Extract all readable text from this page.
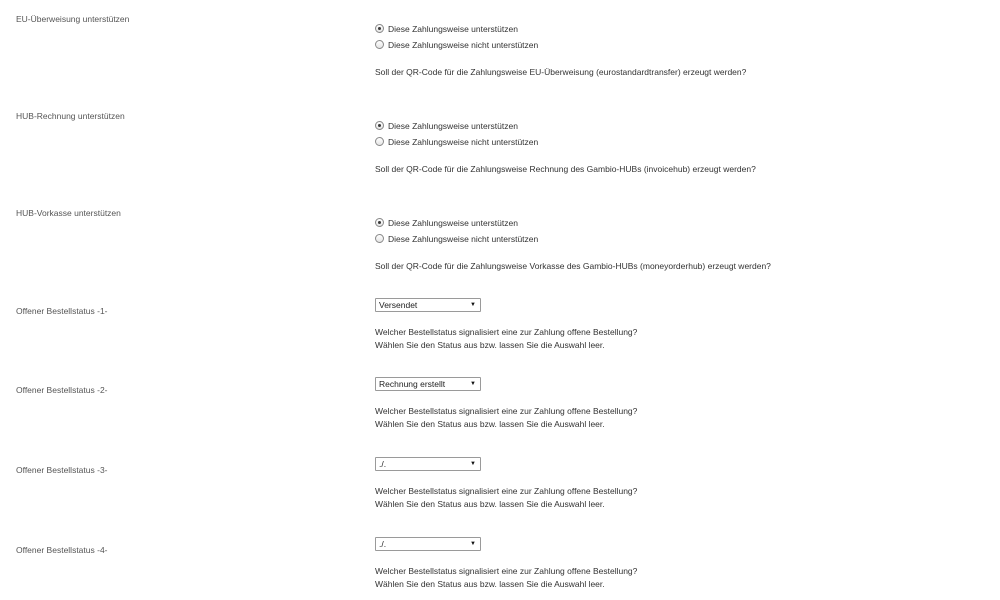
EU-Überweisung unterstützen
Diese Zahlungsweise unterstützen
Diese Zahlungsweise nicht unterstützen
Soll der QR-Code für die Zahlungsweise EU-Überweisung (eurostandardtransfer) erzeugt werden?
HUB-Rechnung unterstützen
Diese Zahlungsweise unterstützen
Diese Zahlungsweise nicht unterstützen
Soll der QR-Code für die Zahlungsweise Rechnung des Gambio-HUBs (invoicehub) erzeugt werden?
HUB-Vorkasse unterstützen
Diese Zahlungsweise unterstützen
Diese Zahlungsweise nicht unterstützen
Soll der QR-Code für die Zahlungsweise Vorkasse des Gambio-HUBs (moneyorderhub) erzeugt werden?
Offener Bestellstatus -1-
Versendet	▼
Welcher Bestellstatus signalisiert eine zur Zahlung offene Bestellung?
Wählen Sie den Status aus bzw. lassen Sie die Auswahl leer.
Offener Bestellstatus -2-
Rechnung erstellt	▼
Welcher Bestellstatus signalisiert eine zur Zahlung offene Bestellung?
Wählen Sie den Status aus bzw. lassen Sie die Auswahl leer.
Offener Bestellstatus -3-
./.	▼
Welcher Bestellstatus signalisiert eine zur Zahlung offene Bestellung?
Wählen Sie den Status aus bzw. lassen Sie die Auswahl leer.
Offener Bestellstatus -4-
./.	▼
Welcher Bestellstatus signalisiert eine zur Zahlung offene Bestellung?
Wählen Sie den Status aus bzw. lassen Sie die Auswahl leer.
